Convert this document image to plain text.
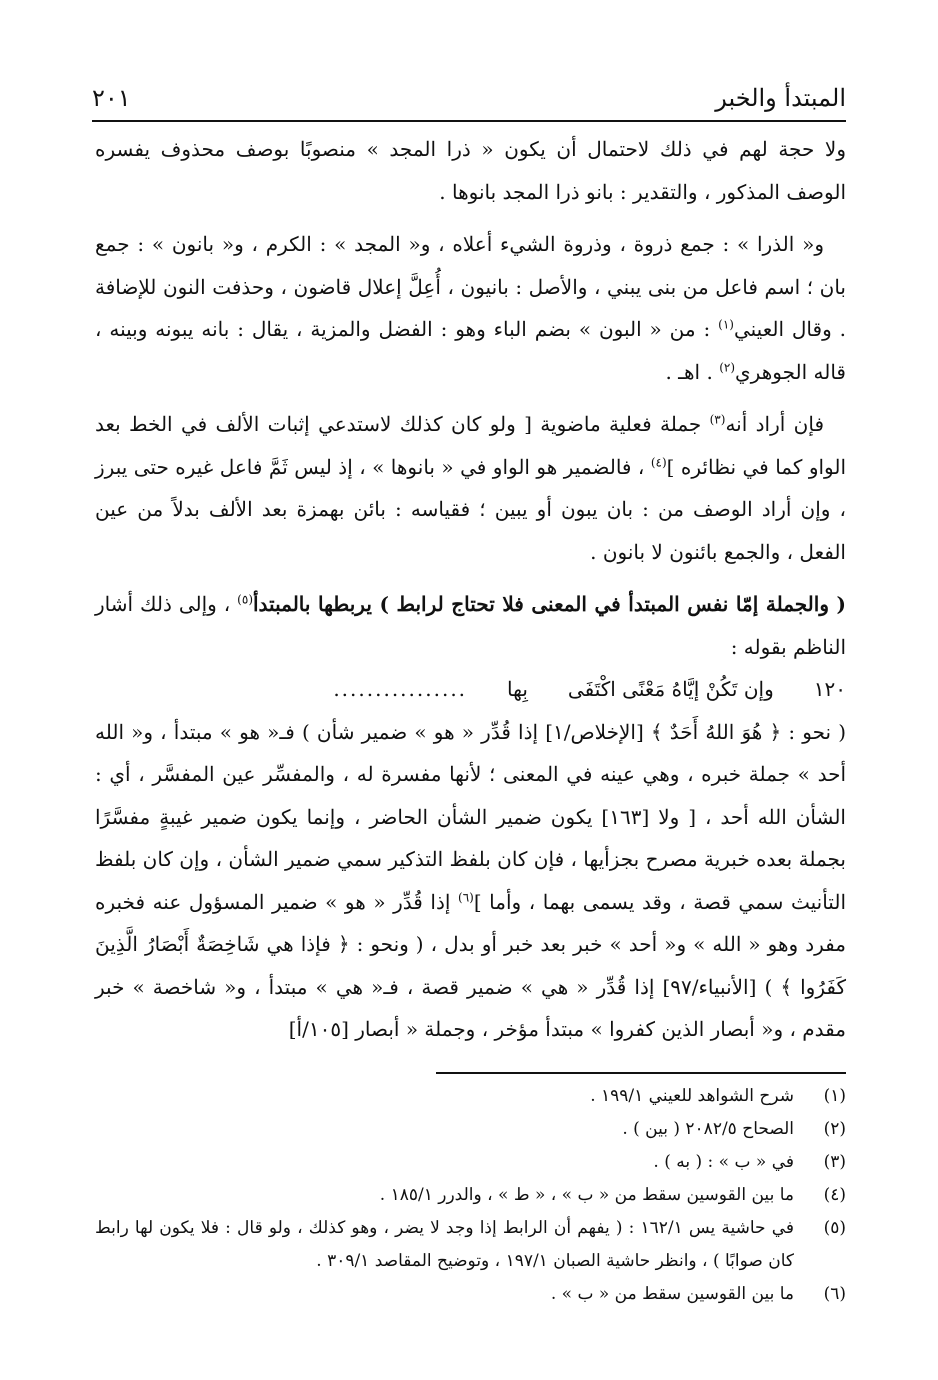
٢٠١	المبتدأ والخبر

ولا حجة لهم في ذلك لاحتمال أن يكون « ذرا المجد » منصوبًا بوصف محذوف يفسره الوصف المذكور ، والتقدير : بانو ذرا المجد بانوها .

و« الذرا » : جمع ذروة ، وذروة الشيء أعلاه ، و« المجد » : الكرم ، و« بانون » : جمع بان ؛ اسم فاعل من بنى يبني ، والأصل : بانيون ، أُعِلَّ إعلال قاضون ، وحذفت النون للإضافة . وقال العيني$^{(١)}$ : من « البون » بضم الباء وهو : الفضل والمزية ، يقال : بانه يبونه وبينه ، قاله الجوهري$^{(٢)}$ . اهـ .

فإن أراد أنه$^{(٣)}$ جملة فعلية ماضوية [ ولو كان كذلك لاستدعي إثبات الألف في الخط بعد الواو كما في نظائره ]$^{(٤)}$ ، فالضمير هو الواو في « بانوها » ، إذ ليس ثَمَّ فاعل غيره حتى يبرز ، وإن أراد الوصف من : بان يبون أو يبين ؛ فقياسه : بائن بهمزة بعد الألف بدلاً من عين الفعل ، والجمع بائنون لا بانون .

( والجملة إمّا نفس المبتدأ في المعنى فلا تحتاج لرابط ) يربطها بالمبتدأ$^{(٥)}$ ، وإلى ذلك أشار الناظم بقوله :

١٢٠
وإن تَكُنْ إيَّاهُ مَعْنًى اكْتَفَى
بِها
................

( نحو : ﴿ هُوَ اللهُ أَحَدٌ ﴾ [الإخلاص/١] إذا قُدِّر « هو » ضمير شأن ) فـ« هو » مبتدأ ، و« الله أحد » جملة خبره ، وهي عينه في المعنى ؛ لأنها مفسرة له ، والمفسِّر عين المفسَّر ، أي : الشأن الله أحد ، [ ولا [١٦٣] يكون ضمير الشأن الحاضر ، وإنما يكون ضمير غيبةٍ مفسَّرًا بجملة بعده خبرية مصرح بجزأيها ، فإن كان بلفظ التذكير سمي ضمير الشأن ، وإن كان بلفظ التأنيث سمي قصة ، وقد يسمى بهما ، وأما ]$^{(٦)}$ إذا قُدِّر « هو » ضمير المسؤول عنه فخبره مفرد وهو « الله » و« أحد » خبر بعد خبر أو بدل ، ( ونحو : ﴿ فإذا هي شَاخِصَةٌ أَبْصَارُ الَّذِينَ كَفَرُوا ﴾ ) [الأنبياء/٩٧] إذا قُدِّر « هي » ضمير قصة ، فـ« هي » مبتدأ ، و« شاخصة » خبر مقدم ، و« أبصار الذين كفروا » مبتدأ مؤخر ، وجملة « أبصار [١٠٥/أ]

(١)
شرح الشواهد للعيني ١٩٩/١ .
(٢)
الصحاح ٢٠٨٢/٥ ( بين ) .
(٣)
في « ب » : ( به ) .
(٤)
ما بين القوسين سقط من « ب » ، « ط » ، والدرر ١٨٥/١ .
(٥)
في حاشية يس ١٦٢/١ : ( يفهم أن الرابط إذا وجد لا يضر ، وهو كذلك ، ولو قال : فلا يكون لها رابط كان صوابًا ) ، وانظر حاشية الصبان ١٩٧/١ ، وتوضيح المقاصد ٣٠٩/١ .
(٦)
ما بين القوسين سقط من « ب » .
